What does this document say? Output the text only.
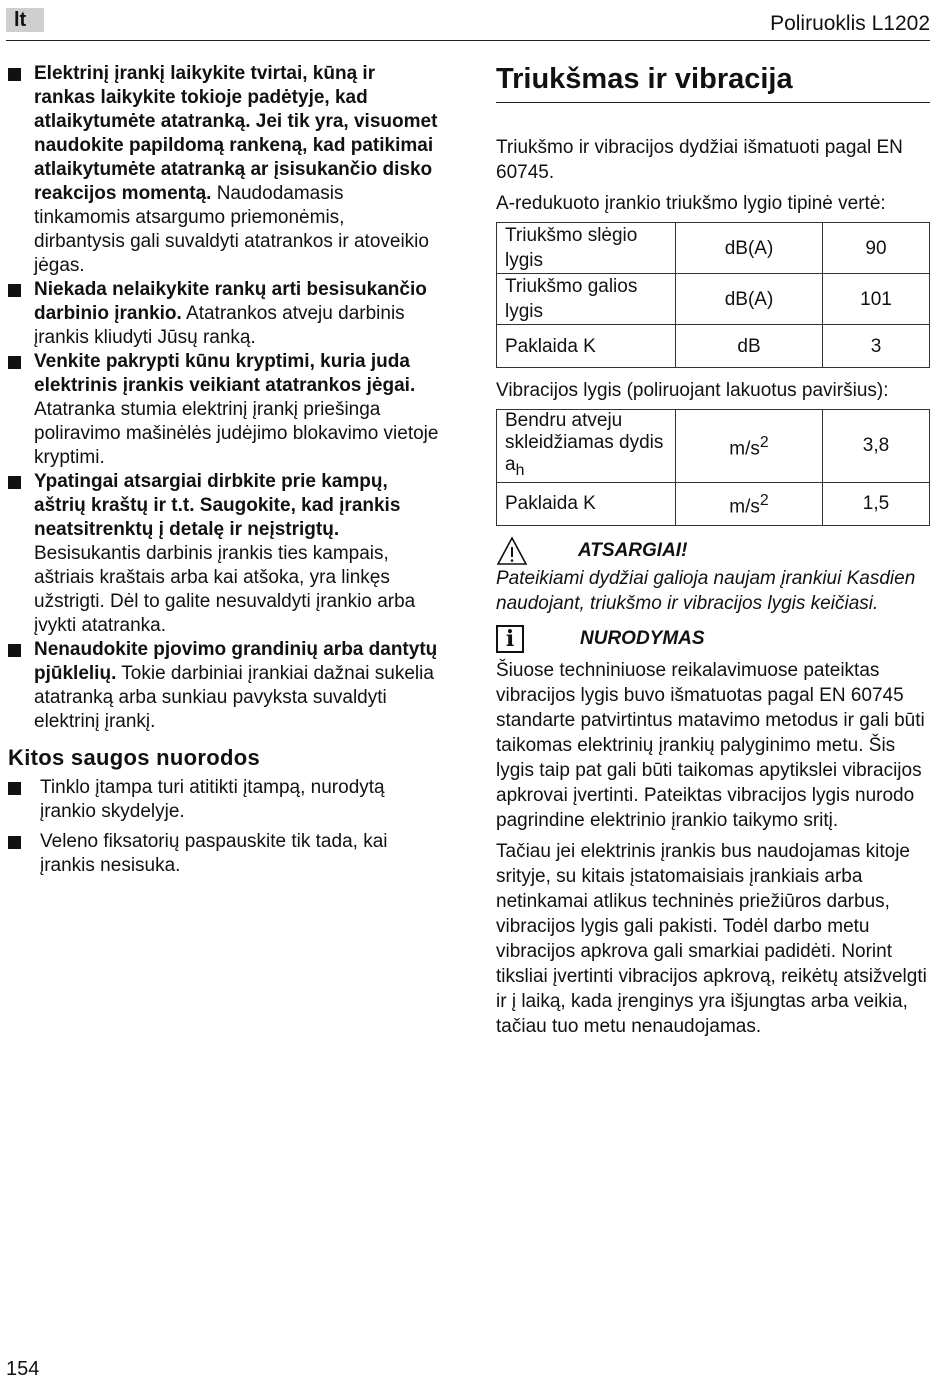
lt	Poliruoklis L1202
Elektrinį įrankį laikykite tvirtai, kūną ir rankas laikykite tokioje padėtyje, kad atlaikytumėte atatranką. Jei tik yra, visuomet naudokite papildomą rankeną, kad patikimai atlaikytumėte atatranką ar įsisukančio disko reakcijos momentą. Naudodamasis tinkamomis atsargumo priemonėmis, dirbantysis gali suvaldyti atatrankos ir atoveikio jėgas.
Niekada nelaikykite rankų arti besisukančio darbinio įrankio. Atatrankos atveju darbinis įrankis kliudyti Jūsų ranką.
Venkite pakrypti kūnu kryptimi, kuria juda elektrinis įrankis veikiant atatrankos jėgai. Atatranka stumia elektrinį įrankį priešinga poliravimo mašinėlės judėjimo blokavimo vietoje kryptimi.
Ypatingai atsargiai dirbkite prie kampų, aštrių kraštų ir t.t. Saugokite, kad įrankis neatsitrenktų į detalę ir neįstrigtų. Besisukantis darbinis įrankis ties kampais, aštriais kraštais arba kai atšoka, yra linkęs užstrigti. Dėl to galite nesuvaldyti įrankio arba įvykti atatranka.
Nenaudokite pjovimo grandinių arba dantytų pjūklelių. Tokie darbiniai įrankiai dažnai sukelia atatranką arba sunkiau pavyksta suvaldyti elektrinį įrankį.
Kitos saugos nuorodos
Tinklo įtampa turi atitikti įtampą, nurodytą įrankio skydelyje.
Veleno fiksatorių paspauskite tik tada, kai įrankis nesisuka.
Triukšmas ir vibracija

Triukšmo ir vibracijos dydžiai išmatuoti pagal EN 60745.

A-redukuoto įrankio triukšmo lygio tipinė vertė:

Triukšmo slėgio lygis	dB(A)	90
Triukšmo galios lygis	dB(A)	101
Paklaida K	dB	3

Vibracijos lygis (poliruojant lakuotus paviršius):

Bendru atveju skleidžiamas dydis $a_h$	$m/s^2$	3,8
Paklaida K	$m/s^2$	1,5
ATSARGIAI!

Pateikiami dydžiai galioja naujam įrankiui Kasdien naudojant, triukšmo ir vibracijos lygis keičiasi.

i	NURODYMAS

Šiuose techniniuose reikalavimuose pateiktas vibracijos lygis buvo išmatuotas pagal EN 60745 standarte patvirtintus matavimo metodus ir gali būti taikomas elektrinių įrankių palyginimo metu. Šis lygis taip pat gali būti taikomas apytikslei vibracijos apkrovai įvertinti. Pateiktas vibracijos lygis nurodo pagrindine elektrinio įrankio taikymo sritį.

Tačiau jei elektrinis įrankis bus naudojamas kitoje srityje, su kitais įstatomaisiais įrankiais arba netinkamai atlikus techninės priežiūros darbus, vibracijos lygis gali pakisti. Todėl darbo metu vibracijos apkrova gali smarkiai padidėti. Norint tiksliai įvertinti vibracijos apkrovą, reikėtų atsižvelgti ir į laiką, kada įrenginys yra išjungtas arba veikia, tačiau tuo metu nenaudojamas.

154
